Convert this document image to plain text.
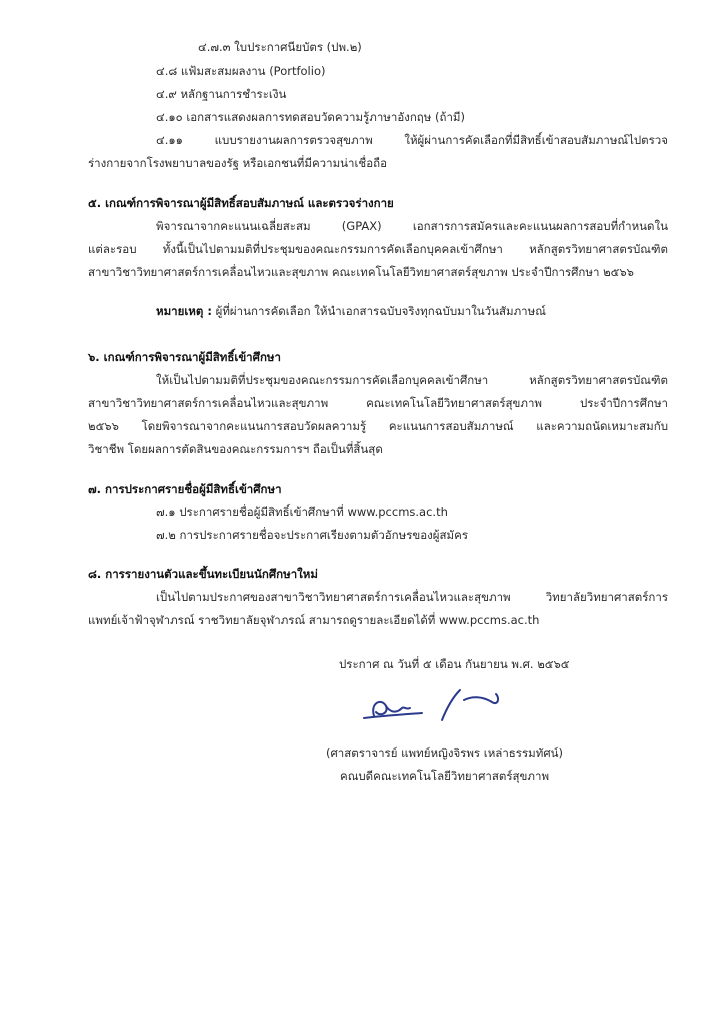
๔.๗.๓ ใบประกาศนียบัตร (ปพ.๒)
๔.๘ แฟ้มสะสมผลงาน (Portfolio)
๔.๙ หลักฐานการชำระเงิน
๔.๑๐ เอกสารแสดงผลการทดสอบวัดความรู้ภาษาอังกฤษ (ถ้ามี)
๔.๑๑ แบบรายงานผลการตรวจสุขภาพ ให้ผู้ผ่านการคัดเลือกที่มีสิทธิ์เข้าสอบสัมภาษณ์ไปตรวจ
ร่างกายจากโรงพยาบาลของรัฐ หรือเอกชนที่มีความน่าเชื่อถือ
๕. เกณฑ์การพิจารณาผู้มีสิทธิ์สอบสัมภาษณ์ และตรวจร่างกาย
พิจารณาจากคะแนนเฉลี่ยสะสม (GPAX) เอกสารการสมัครและคะแนนผลการสอบที่กำหนดใน
แต่ละรอบ ทั้งนี้เป็นไปตามมติที่ประชุมของคณะกรรมการคัดเลือกบุคคลเข้าศึกษา หลักสูตรวิทยาศาสตรบัณฑิต
สาขาวิชาวิทยาศาสตร์การเคลื่อนไหวและสุขภาพ คณะเทคโนโลยีวิทยาศาสตร์สุขภาพ ประจำปีการศึกษา ๒๕๖๖
หมายเหตุ : ผู้ที่ผ่านการคัดเลือก ให้นำเอกสารฉบับจริงทุกฉบับมาในวันสัมภาษณ์
๖. เกณฑ์การพิจารณาผู้มีสิทธิ์เข้าศึกษา
ให้เป็นไปตามมติที่ประชุมของคณะกรรมการคัดเลือกบุคคลเข้าศึกษา หลักสูตรวิทยาศาสตรบัณฑิต
สาขาวิชาวิทยาศาสตร์การเคลื่อนไหวและสุขภาพ คณะเทคโนโลยีวิทยาศาสตร์สุขภาพ ประจำปีการศึกษา
๒๕๖๖ โดยพิจารณาจากคะแนนการสอบวัดผลความรู้ คะแนนการสอบสัมภาษณ์ และความถนัดเหมาะสมกับ
วิชาชีพ โดยผลการตัดสินของคณะกรรมการฯ ถือเป็นที่สิ้นสุด
๗. การประกาศรายชื่อผู้มีสิทธิ์เข้าศึกษา
๗.๑ ประกาศรายชื่อผู้มีสิทธิ์เข้าศึกษาที่ www.pccms.ac.th
๗.๒ การประกาศรายชื่อจะประกาศเรียงตามตัวอักษรของผู้สมัคร
๘. การรายงานตัวและขึ้นทะเบียนนักศึกษาใหม่
เป็นไปตามประกาศของสาขาวิชาวิทยาศาสตร์การเคลื่อนไหวและสุขภาพ วิทยาลัยวิทยาศาสตร์การ
แพทย์เจ้าฟ้าจุฬาภรณ์ ราชวิทยาลัยจุฬาภรณ์ สามารถดูรายละเอียดได้ที่ www.pccms.ac.th
ประกาศ ณ วันที่ ๕ เดือน กันยายน พ.ศ. ๒๕๖๕
(ศาสตราจารย์ แพทย์หญิงจิรพร เหล่าธรรมทัศน์)
คณบดีคณะเทคโนโลยีวิทยาศาสตร์สุขภาพ
